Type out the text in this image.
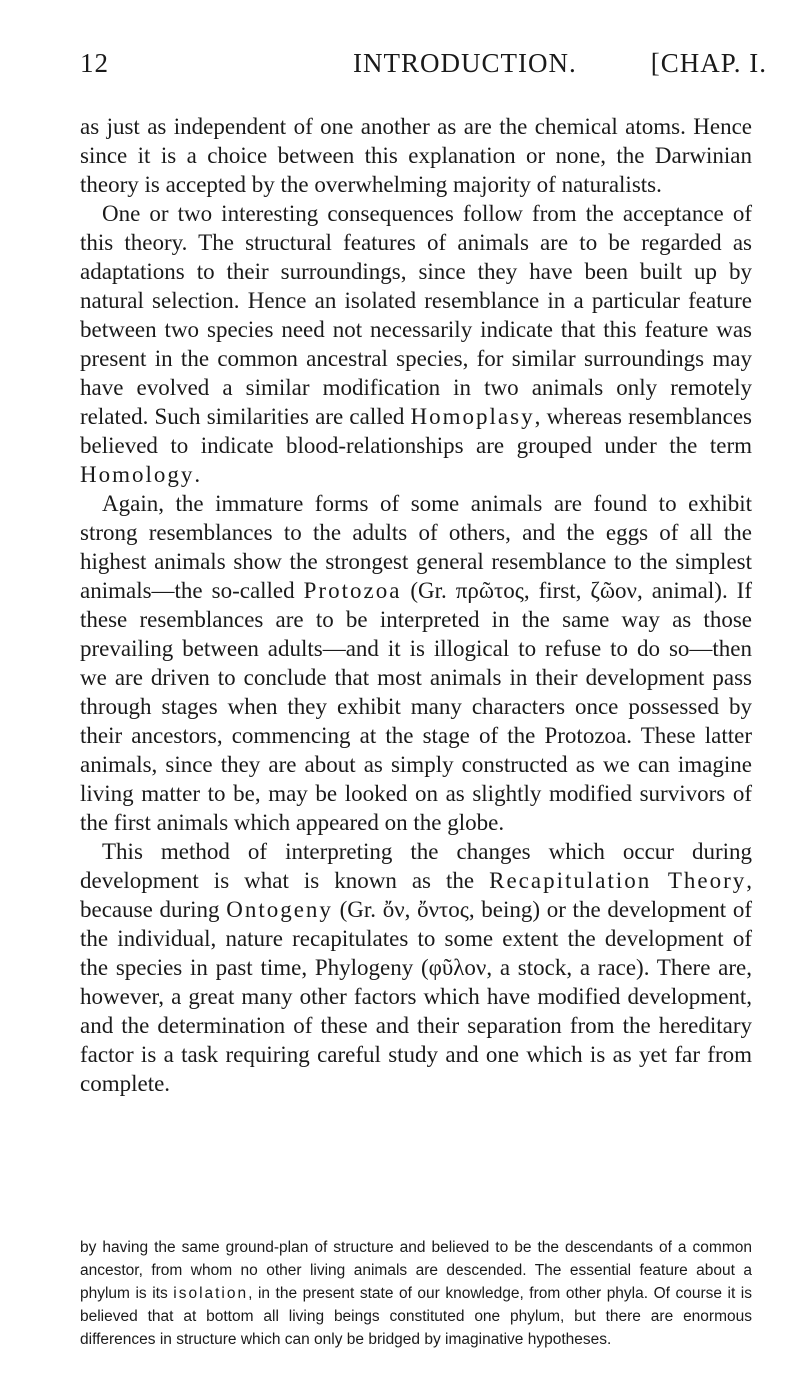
12	INTRODUCTION.	[CHAP. I.

as just as independent of one another as are the chemical atoms. Hence since it is a choice between this explanation or none, the Darwinian theory is accepted by the overwhelming majority of naturalists.

One or two interesting consequences follow from the acceptance of this theory. The structural features of animals are to be regarded as adaptations to their surroundings, since they have been built up by natural selection. Hence an isolated resemblance in a particular feature between two species need not necessarily indicate that this feature was present in the common ancestral species, for similar surroundings may have evolved a similar modification in two animals only remotely related. Such similarities are called Homoplasy, whereas resemblances believed to indicate blood-relationships are grouped under the term Homology.

Again, the immature forms of some animals are found to exhibit strong resemblances to the adults of others, and the eggs of all the highest animals show the strongest general resemblance to the simplest animals—the so-called Protozoa (Gr. πρῶτος, first, ζῶον, animal). If these resemblances are to be interpreted in the same way as those prevailing between adults—and it is illogical to refuse to do so—then we are driven to conclude that most animals in their development pass through stages when they exhibit many characters once possessed by their ancestors, commencing at the stage of the Protozoa. These latter animals, since they are about as simply constructed as we can imagine living matter to be, may be looked on as slightly modified survivors of the first animals which appeared on the globe.

This method of interpreting the changes which occur during development is what is known as the Recapitulation Theory, because during Ontogeny (Gr. ὄν, ὄντος, being) or the development of the individual, nature recapitulates to some extent the development of the species in past time, Phylogeny (φῦλον, a stock, a race). There are, however, a great many other factors which have modified development, and the determination of these and their separation from the hereditary factor is a task requiring careful study and one which is as yet far from complete.

by having the same ground-plan of structure and believed to be the descendants of a common ancestor, from whom no other living animals are descended. The essential feature about a phylum is its isolation, in the present state of our knowledge, from other phyla. Of course it is believed that at bottom all living beings constituted one phylum, but there are enormous differences in structure which can only be bridged by imaginative hypotheses.
